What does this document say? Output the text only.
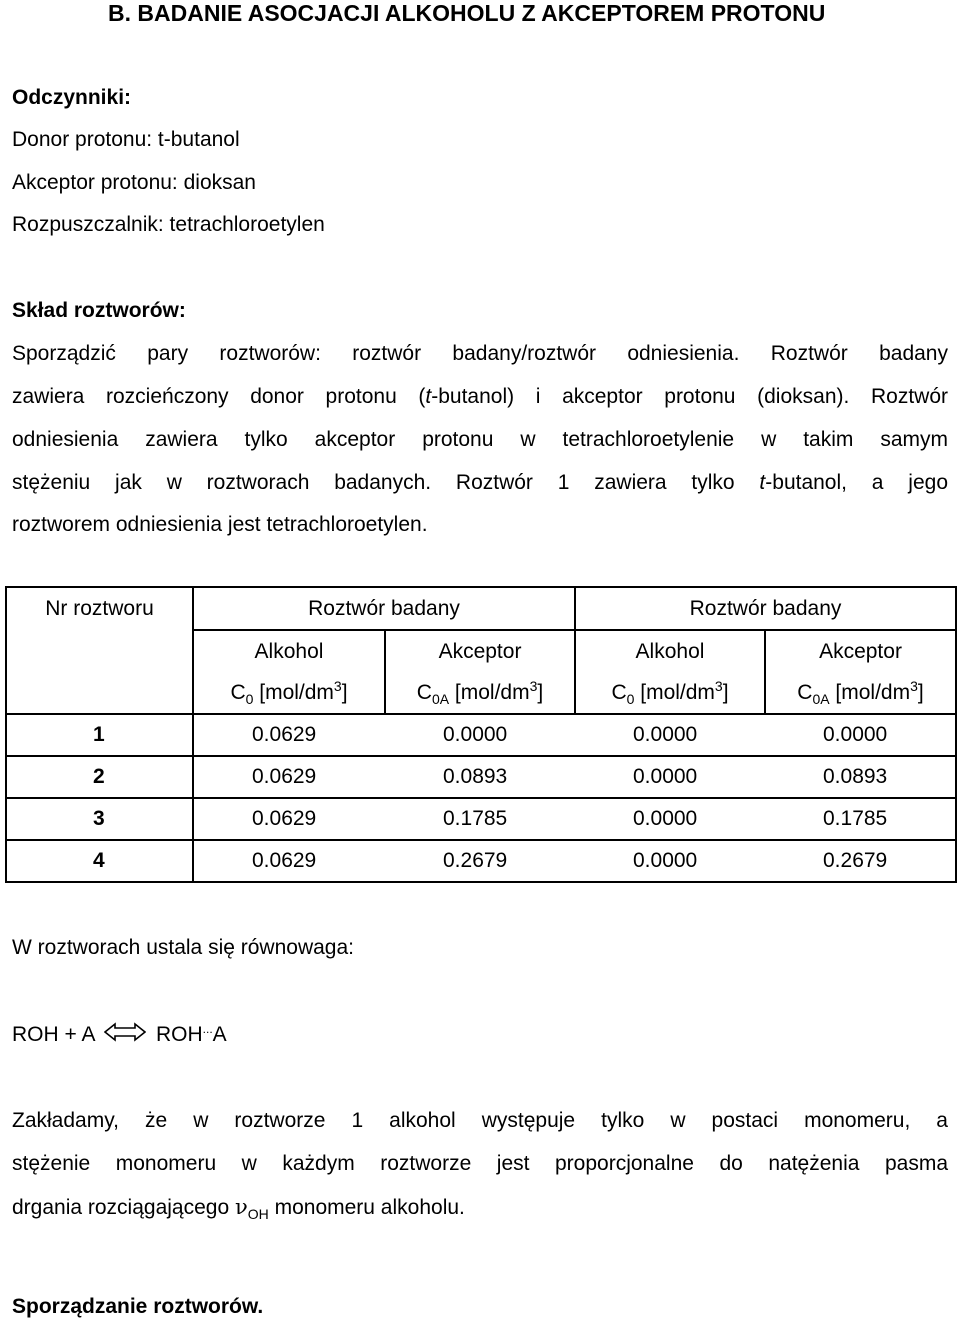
B. BADANIE ASOCJACJI ALKOHOLU Z AKCEPTOREM PROTONU
Odczynniki:
Donor protonu: t-butanol
Akceptor protonu: dioksan
Rozpuszczalnik: tetrachloroetylen
Skład roztworów:
Sporządzić pary roztworów: roztwór badany/roztwór odniesienia. Roztwór badany
zawiera rozcieńczony donor protonu (t-butanol) i akceptor protonu (dioksan). Roztwór
odniesienia zawiera tylko akceptor protonu w tetrachloroetylenie w takim samym
stężeniu jak w roztworach badanych. Roztwór 1 zawiera tylko t-butanol, a jego
roztworem odniesienia jest tetrachloroetylen.
Nr roztworu	Roztwór badany		Roztwór badany	
	Alkohol	Akceptor	Alkohol	Akceptor
	$C_0$ $[mol/dm^3]$	$C_{0A}$ $[mol/dm^3]$	$C_0$ $[mol/dm^3]$	$C_{0A}$ $[mol/dm^3]$
1	0.0629	0.0000	0.0000	0.0000
2	0.0629	0.0893	0.0000	0.0893
3	0.0629	0.1785	0.0000	0.1785
4	0.0629	0.2679	0.0000	0.2679
W roztworach ustala się równowaga:
ROH + A	ROH...A
Zakładamy, że w roztworze 1 alkohol występuje tylko w postaci monomeru, a
stężenie monomeru w każdym roztworze jest proporcjonalne do natężenia pasma
drgania rozciągającego $\nu_{OH}$ monomeru alkoholu.
Sporządzanie roztworów.
